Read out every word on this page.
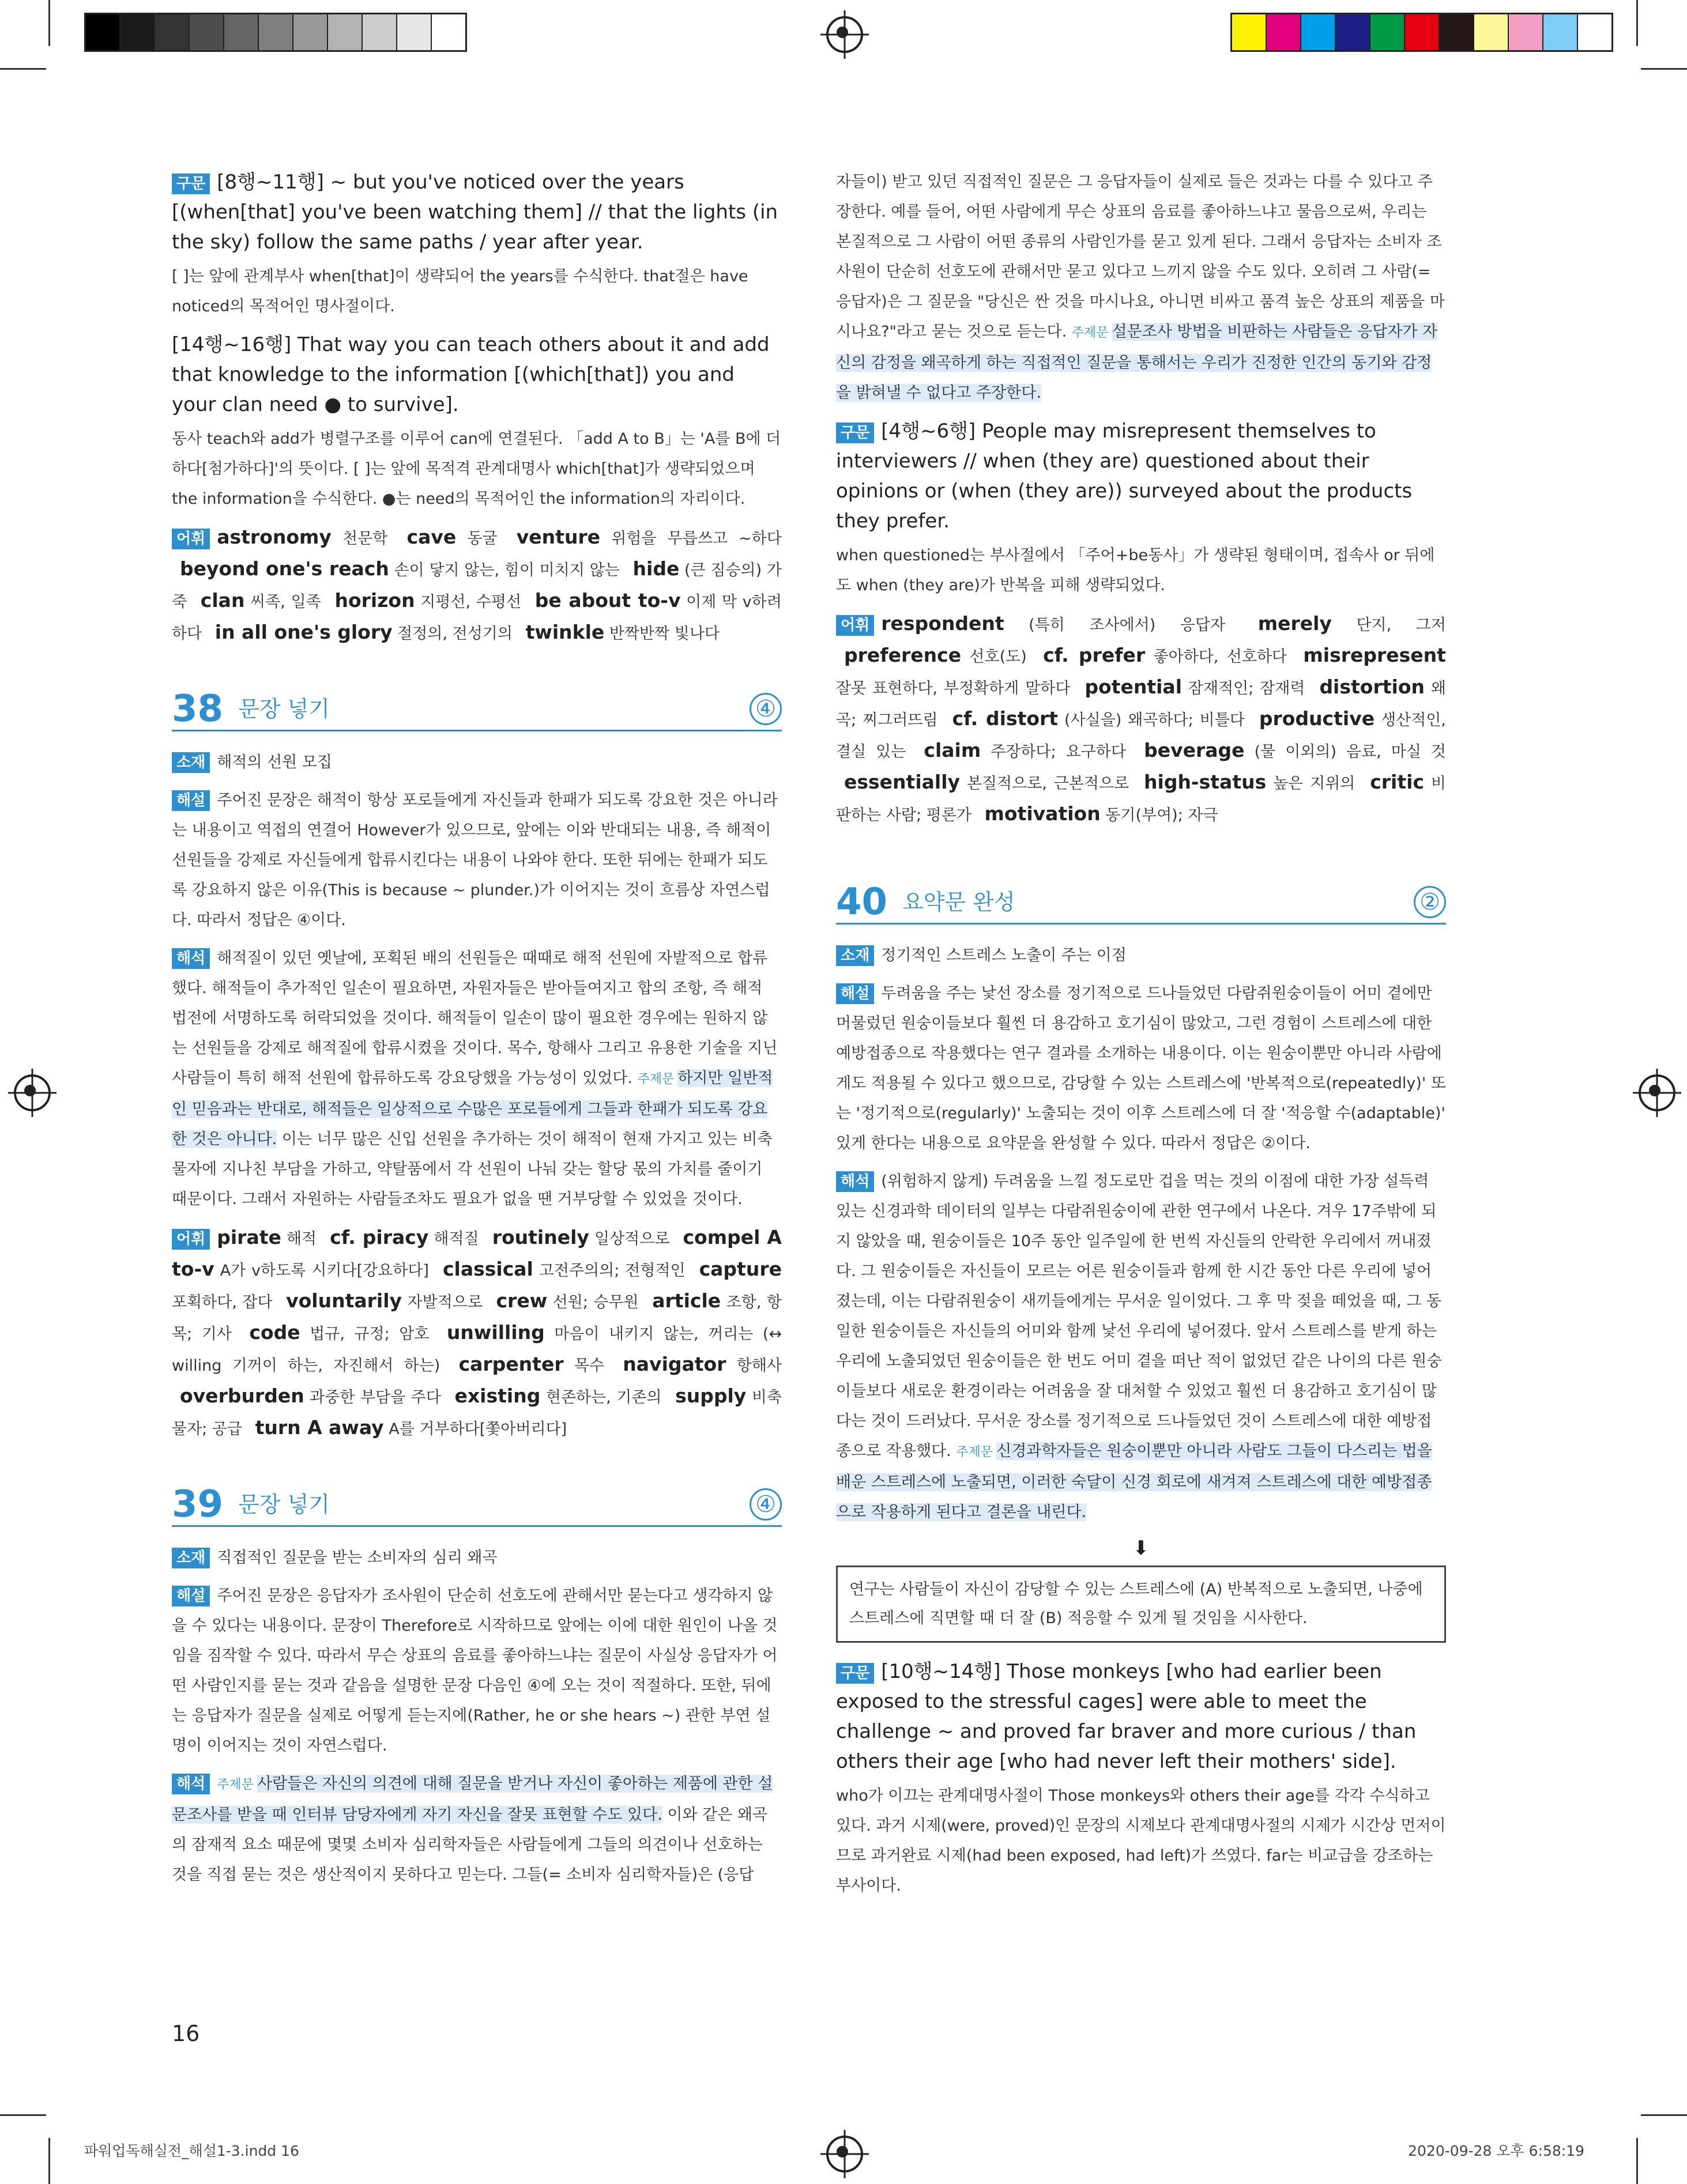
구문 [8행~11행] ~ but you've noticed over the years [(when[that] you've been watching them] // that the lights (in the sky) follow the same paths / year after year.

[ ]는 앞에 관계부사 when[that]이 생략되어 the years를 수식한다. that절은 have noticed의 목적어인 명사절이다.

[14행~16행] That way you can teach others about it and add that knowledge to the information [(which[that]) you and your clan need ● to survive].

동사 teach와 add가 병렬구조를 이루어 can에 연결된다. 「add A to B」는 'A를 B에 더하다[첨가하다]'의 뜻이다. [ ]는 앞에 목적격 관계대명사 which[that]가 생략되었으며 the information을 수식한다. ●는 need의 목적어인 the information의 자리이다.

어휘 astronomy 천문학 cave 동굴 venture 위험을 무릅쓰고 ~하다 beyond one's reach 손이 닿지 않는, 힘이 미치지 않는 hide (큰 짐승의) 가죽 clan 씨족, 일족 horizon 지평선, 수평선 be about to-v 이제 막 v하려 하다 in all one's glory 절정의, 전성기의 twinkle 반짝반짝 빛나다
38 문장 넣기	④

소재 해적의 선원 모집

해설 주어진 문장은 해적이 항상 포로들에게 자신들과 한패가 되도록 강요한 것은 아니라는 내용이고 역접의 연결어 However가 있으므로, 앞에는 이와 반대되는 내용, 즉 해적이 선원들을 강제로 자신들에게 합류시킨다는 내용이 나와야 한다. 또한 뒤에는 한패가 되도록 강요하지 않은 이유(This is because ~ plunder.)가 이어지는 것이 흐름상 자연스럽다. 따라서 정답은 ④이다.

해석 해적질이 있던 옛날에, 포획된 배의 선원들은 때때로 해적 선원에 자발적으로 합류했다. 해적들이 추가적인 일손이 필요하면, 자원자들은 받아들여지고 합의 조항, 즉 해적 법전에 서명하도록 허락되었을 것이다. 해적들이 일손이 많이 필요한 경우에는 원하지 않는 선원들을 강제로 해적질에 합류시켰을 것이다. 목수, 항해사 그리고 유용한 기술을 지닌 사람들이 특히 해적 선원에 합류하도록 강요당했을 가능성이 있었다. 주제문 하지만 일반적인 믿음과는 반대로, 해적들은 일상적으로 수많은 포로들에게 그들과 한패가 되도록 강요한 것은 아니다. 이는 너무 많은 신입 선원을 추가하는 것이 해적이 현재 가지고 있는 비축물자에 지나친 부담을 가하고, 약탈품에서 각 선원이 나눠 갖는 할당 몫의 가치를 줄이기 때문이다. 그래서 자원하는 사람들조차도 필요가 없을 땐 거부당할 수 있었을 것이다.

어휘 pirate 해적 cf. piracy 해적질 routinely 일상적으로 compel A to-v A가 v하도록 시키다[강요하다] classical 고전주의의; 전형적인 capture 포획하다, 잡다 voluntarily 자발적으로 crew 선원; 승무원 article 조항, 항목; 기사 code 법규, 규정; 암호 unwilling 마음이 내키지 않는, 꺼리는 (↔ willing 기꺼이 하는, 자진해서 하는) carpenter 목수 navigator 항해사 overburden 과중한 부담을 주다 existing 현존하는, 기존의 supply 비축물자; 공급 turn A away A를 거부하다[쫓아버리다]
39 문장 넣기	④

소재 직접적인 질문을 받는 소비자의 심리 왜곡

해설 주어진 문장은 응답자가 조사원이 단순히 선호도에 관해서만 묻는다고 생각하지 않을 수 있다는 내용이다. 문장이 Therefore로 시작하므로 앞에는 이에 대한 원인이 나올 것임을 짐작할 수 있다. 따라서 무슨 상표의 음료를 좋아하느냐는 질문이 사실상 응답자가 어떤 사람인지를 묻는 것과 같음을 설명한 문장 다음인 ④에 오는 것이 적절하다. 또한, 뒤에는 응답자가 질문을 실제로 어떻게 듣는지에(Rather, he or she hears ~) 관한 부연 설명이 이어지는 것이 자연스럽다.

해석 주제문 사람들은 자신의 의견에 대해 질문을 받거나 자신이 좋아하는 제품에 관한 설문조사를 받을 때 인터뷰 담당자에게 자기 자신을 잘못 표현할 수도 있다. 이와 같은 왜곡의 잠재적 요소 때문에 몇몇 소비자 심리학자들은 사람들에게 그들의 의견이나 선호하는 것을 직접 묻는 것은 생산적이지 못하다고 믿는다. 그들(= 소비자 심리학자들)은 (응답

자들이) 받고 있던 직접적인 질문은 그 응답자들이 실제로 들은 것과는 다를 수 있다고 주장한다. 예를 들어, 어떤 사람에게 무슨 상표의 음료를 좋아하느냐고 물음으로써, 우리는 본질적으로 그 사람이 어떤 종류의 사람인가를 묻고 있게 된다. 그래서 응답자는 소비자 조사원이 단순히 선호도에 관해서만 묻고 있다고 느끼지 않을 수도 있다. 오히려 그 사람(= 응답자)은 그 질문을 "당신은 싼 것을 마시나요, 아니면 비싸고 품격 높은 상표의 제품을 마시나요?"라고 묻는 것으로 듣는다. 주제문 설문조사 방법을 비판하는 사람들은 응답자가 자신의 감정을 왜곡하게 하는 직접적인 질문을 통해서는 우리가 진정한 인간의 동기와 감정을 밝혀낼 수 없다고 주장한다.

구문 [4행~6행] People may misrepresent themselves to interviewers // when (they are) questioned about their opinions or (when (they are)) surveyed about the products they prefer.

when questioned는 부사절에서 「주어+be동사」가 생략된 형태이며, 접속사 or 뒤에도 when (they are)가 반복을 피해 생략되었다.

어휘 respondent (특히 조사에서) 응답자 merely 단지, 그저 preference 선호(도) cf. prefer 좋아하다, 선호하다 misrepresent 잘못 표현하다, 부정확하게 말하다 potential 잠재적인; 잠재력 distortion 왜곡; 찌그러뜨림 cf. distort (사실을) 왜곡하다; 비틀다 productive 생산적인, 결실 있는 claim 주장하다; 요구하다 beverage (물 이외의) 음료, 마실 것 essentially 본질적으로, 근본적으로 high-status 높은 지위의 critic 비판하는 사람; 평론가 motivation 동기(부여); 자극
40 요약문 완성	②

소재 정기적인 스트레스 노출이 주는 이점

해설 두려움을 주는 낯선 장소를 정기적으로 드나들었던 다람쥐원숭이들이 어미 곁에만 머물렀던 원숭이들보다 훨씬 더 용감하고 호기심이 많았고, 그런 경험이 스트레스에 대한 예방접종으로 작용했다는 연구 결과를 소개하는 내용이다. 이는 원숭이뿐만 아니라 사람에게도 적용될 수 있다고 했으므로, 감당할 수 있는 스트레스에 '반복적으로(repeatedly)' 또는 '정기적으로(regularly)' 노출되는 것이 이후 스트레스에 더 잘 '적응할 수(adaptable)' 있게 한다는 내용으로 요약문을 완성할 수 있다. 따라서 정답은 ②이다.

해석 (위험하지 않게) 두려움을 느낄 정도로만 겁을 먹는 것의 이점에 대한 가장 설득력 있는 신경과학 데이터의 일부는 다람쥐원숭이에 관한 연구에서 나온다. 겨우 17주밖에 되지 않았을 때, 원숭이들은 10주 동안 일주일에 한 번씩 자신들의 안락한 우리에서 꺼내졌다. 그 원숭이들은 자신들이 모르는 어른 원숭이들과 함께 한 시간 동안 다른 우리에 넣어졌는데, 이는 다람쥐원숭이 새끼들에게는 무서운 일이었다. 그 후 막 젖을 떼었을 때, 그 동일한 원숭이들은 자신들의 어미와 함께 낯선 우리에 넣어졌다. 앞서 스트레스를 받게 하는 우리에 노출되었던 원숭이들은 한 번도 어미 곁을 떠난 적이 없었던 같은 나이의 다른 원숭이들보다 새로운 환경이라는 어려움을 잘 대처할 수 있었고 훨씬 더 용감하고 호기심이 많다는 것이 드러났다. 무서운 장소를 정기적으로 드나들었던 것이 스트레스에 대한 예방접종으로 작용했다. 주제문 신경과학자들은 원숭이뿐만 아니라 사람도 그들이 다스리는 법을 배운 스트레스에 노출되면, 이러한 숙달이 신경 회로에 새겨져 스트레스에 대한 예방접종으로 작용하게 된다고 결론을 내린다.

⬇

연구는 사람들이 자신이 감당할 수 있는 스트레스에 (A) 반복적으로 노출되면, 나중에 스트레스에 직면할 때 더 잘 (B) 적응할 수 있게 될 것임을 시사한다.

구문 [10행~14행] Those monkeys [who had earlier been exposed to the stressful cages] were able to meet the challenge ~ and proved far braver and more curious / than others their age [who had never left their mothers' side].

who가 이끄는 관계대명사절이 Those monkeys와 others their age를 각각 수식하고 있다. 과거 시제(were, proved)인 문장의 시제보다 관계대명사절의 시제가 시간상 먼저이므로 과거완료 시제(had been exposed, had left)가 쓰였다. far는 비교급을 강조하는 부사이다.

16
파워업독해실전_해설1-3.indd 16	2020-09-28 오후 6:58:19
